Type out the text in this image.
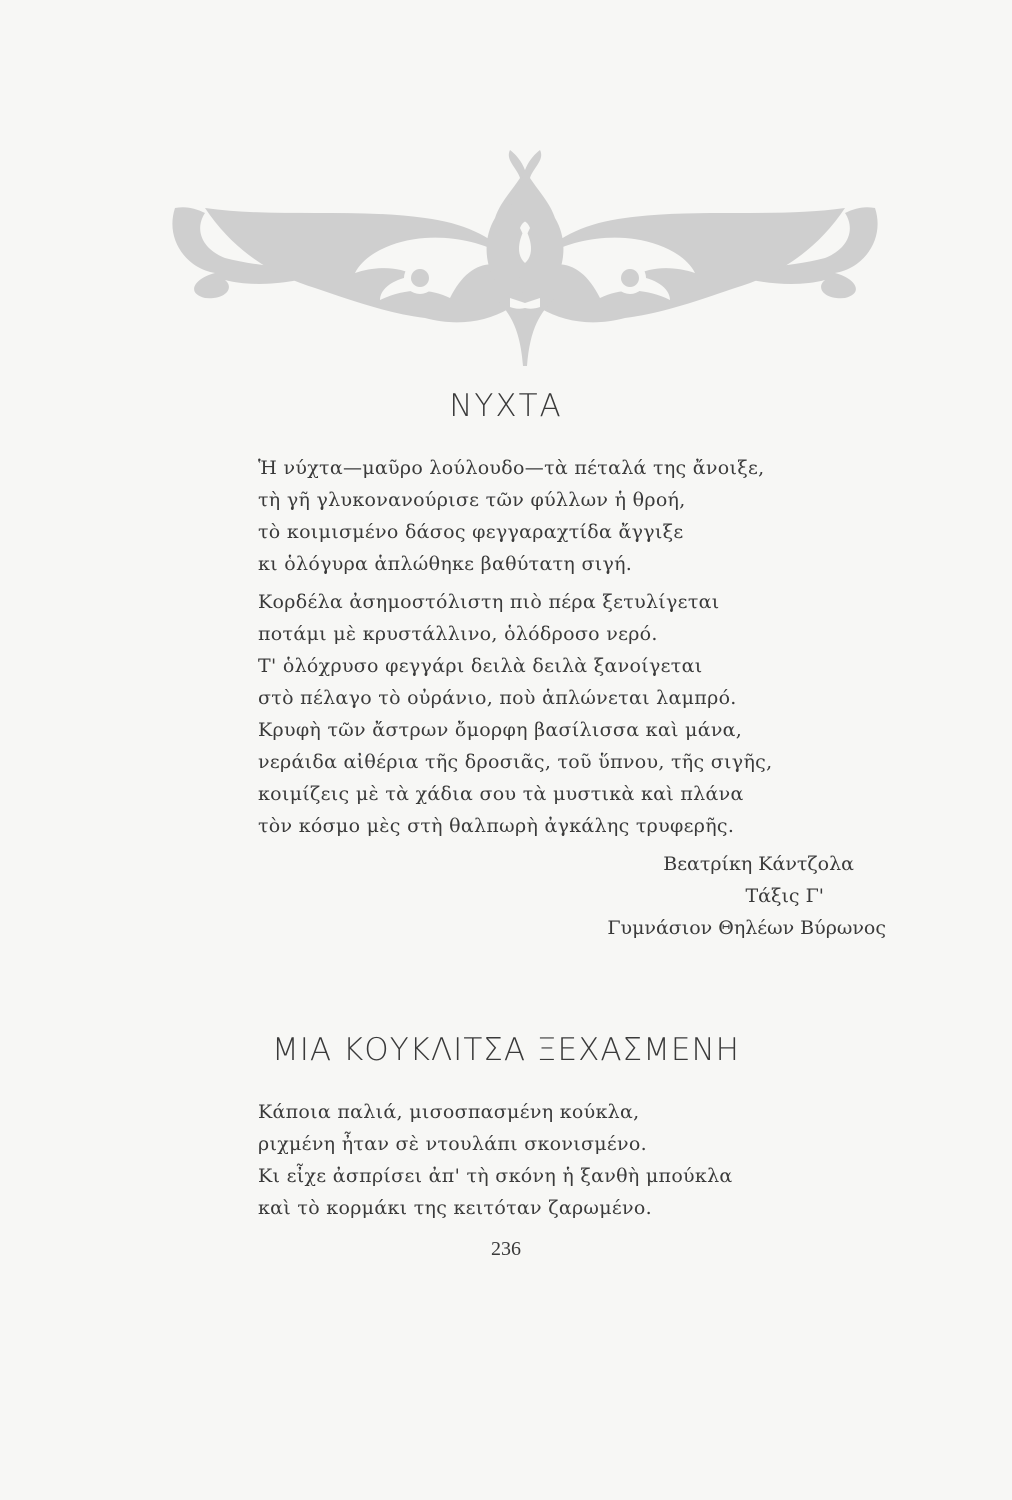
ΝΥΧΤΑ
Ἡ νύχτα—μαῦρο λούλουδο—τὰ πέταλά της ἄνοιξε,
τὴ γῆ γλυκονανούρισε τῶν φύλλων ἡ θροή,
τὸ κοιμισμένο δάσος φεγγαραχτίδα ἄγγιξε
κι ὁλόγυρα ἁπλώθηκε βαθύτατη σιγή.
Κορδέλα ἀσημοστόλιστη πιὸ πέρα ξετυλίγεται
ποτάμι μὲ κρυστάλλινο, ὁλόδροσο νερό.
Τ' ὁλόχρυσο φεγγάρι δειλὰ δειλὰ ξανοίγεται
στὸ πέλαγο τὸ οὐράνιο, ποὺ ἁπλώνεται λαμπρό.
Κρυφὴ τῶν ἄστρων ὄμορφη βασίλισσα καὶ μάνα,
νεράιδα αἰθέρια τῆς δροσιᾶς, τοῦ ὕπνου, τῆς σιγῆς,
κοιμίζεις μὲ τὰ χάδια σου τὰ μυστικὰ καὶ πλάνα
τὸν κόσμο μὲς στὴ θαλπωρὴ ἀγκάλης τρυφερῆς.
Βεατρίκη Κάντζολα
Τάξις Γ'
Γυμνάσιον Θηλέων Βύρωνος
ΜΙΑ ΚΟΥΚΛΙΤΣΑ ΞΕΧΑΣΜΕΝΗ
Κάποια παλιά, μισοσπασμένη κούκλα,
ριχμένη ἦταν σὲ ντουλάπι σκονισμένο.
Κι εἶχε ἀσπρίσει ἀπ' τὴ σκόνη ἡ ξανθὴ μπούκλα
καὶ τὸ κορμάκι της κειτόταν ζαρωμένο.
236
